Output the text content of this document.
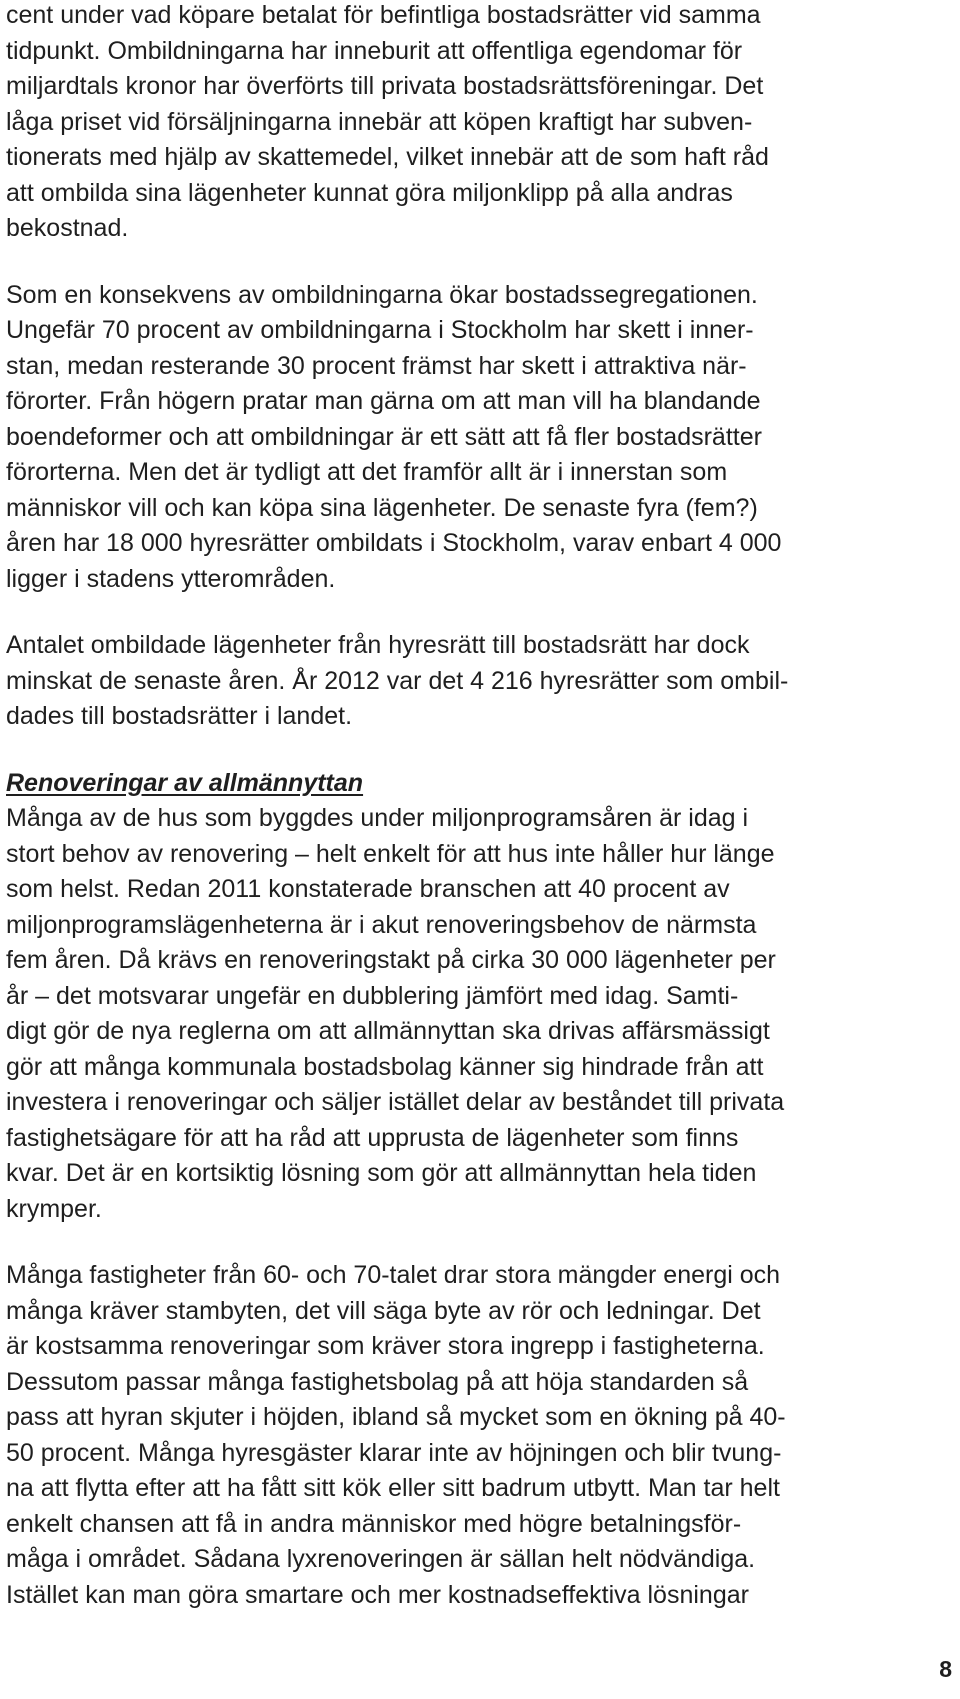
cent under vad köpare betalat för befintliga bostadsrätter vid samma
tidpunkt. Ombildningarna har inneburit att offentliga egendomar för
miljardtals kronor har överförts till privata bostadsrättsföreningar. Det
låga priset vid försäljningarna innebär att köpen kraftigt har subven-
tionerats med hjälp av skattemedel, vilket innebär att de som haft råd
att ombilda sina lägenheter kunnat göra miljonklipp på alla andras
bekostnad.
Som en konsekvens av ombildningarna ökar bostadssegregationen.
Ungefär 70 procent av ombildningarna i Stockholm har skett i inner-
stan, medan resterande 30 procent främst har skett i attraktiva när-
förorter. Från högern pratar man gärna om att man vill ha blandande
boendeformer och att ombildningar är ett sätt att få fler bostadsrätter
förorterna. Men det är tydligt att det framför allt är i innerstan som
människor vill och kan köpa sina lägenheter. De senaste fyra (fem?)
åren har 18 000 hyresrätter ombildats i Stockholm, varav enbart 4 000
ligger i stadens ytterområden.
Antalet ombildade lägenheter från hyresrätt till bostadsrätt har dock
minskat de senaste åren. År 2012 var det 4 216 hyresrätter som ombil-
dades till bostadsrätter i landet.
Renoveringar av allmännyttan
Många av de hus som byggdes under miljonprogramsåren är idag i
stort behov av renovering – helt enkelt för att hus inte håller hur länge
som helst. Redan 2011 konstaterade branschen att 40 procent av
miljonprogramslägenheterna är i akut renoveringsbehov de närmsta
fem åren. Då krävs en renoveringstakt på cirka 30 000 lägenheter per
år – det motsvarar ungefär en dubblering jämfört med idag. Samti-
digt gör de nya reglerna om att allmännyttan ska drivas affärsmässigt
gör att många kommunala bostadsbolag känner sig hindrade från att
investera i renoveringar och säljer istället delar av beståndet till privata
fastighetsägare för att ha råd att upprusta de lägenheter som finns
kvar. Det är en kortsiktig lösning som gör att allmännyttan hela tiden
krymper.
Många fastigheter från 60- och 70-talet drar stora mängder energi och
många kräver stambyten, det vill säga byte av rör och ledningar. Det
är kostsamma renoveringar som kräver stora ingrepp i fastigheterna.
Dessutom passar många fastighetsbolag på att höja standarden så
pass att hyran skjuter i höjden, ibland så mycket som en ökning på 40-
50 procent. Många hyresgäster klarar inte av höjningen och blir tvung-
na att flytta efter att ha fått sitt kök eller sitt badrum utbytt. Man tar helt
enkelt chansen att få in andra människor med högre betalningsför-
måga i området. Sådana lyxrenoveringen är sällan helt nödvändiga.
Istället kan man göra smartare och mer kostnadseffektiva lösningar
8
